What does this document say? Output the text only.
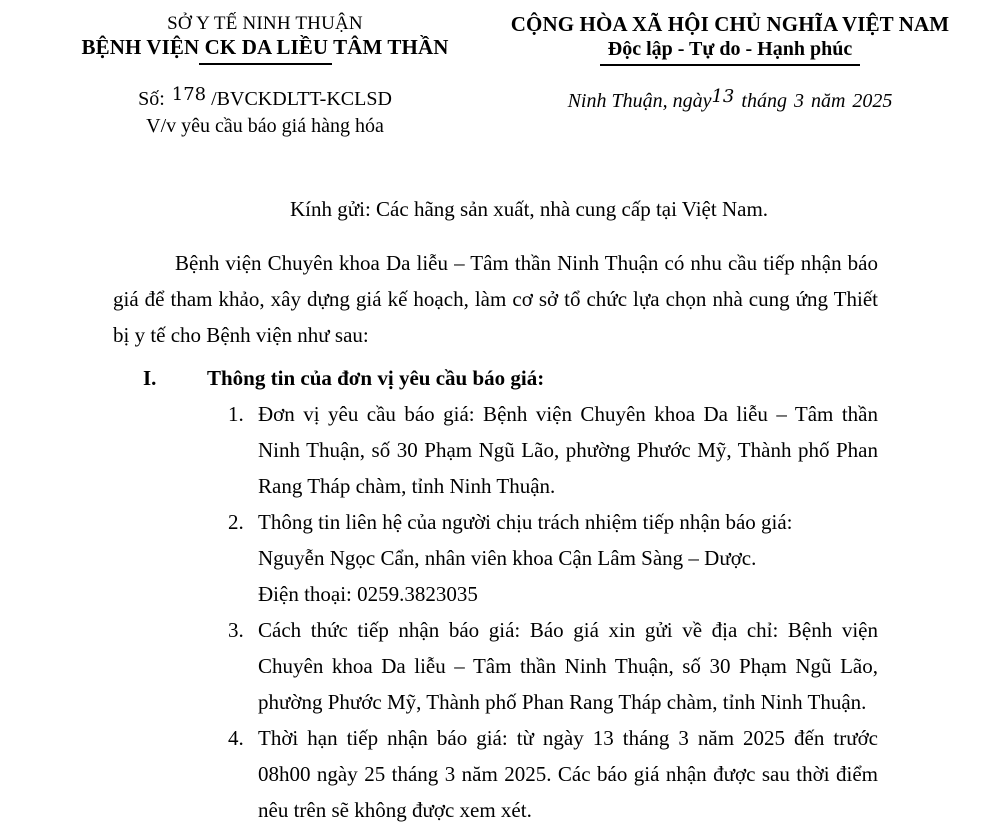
SỞ Y TẾ NINH THUẬN
BỆNH VIỆN CK DA LIỀU TÂM THẦN
CỘNG HÒA XÃ HỘI CHỦ NGHĨA VIỆT NAM
Độc lập - Tự do - Hạnh phúc
Số: 178 /BVCKDLTT-KCLSD
V/v yêu cầu báo giá hàng hóa
Ninh Thuận, ngày13 tháng 3 năm 2025

Kính gửi: Các hãng sản xuất, nhà cung cấp tại Việt Nam.

Bệnh viện Chuyên khoa Da liễu – Tâm thần Ninh Thuận có nhu cầu tiếp nhận báo giá để tham khảo, xây dựng giá kế hoạch, làm cơ sở tổ chức lựa chọn nhà cung ứng Thiết bị y tế cho Bệnh viện như sau:

I.	Thông tin của đơn vị yêu cầu báo giá:
1. Đơn vị yêu cầu báo giá: Bệnh viện Chuyên khoa Da liễu – Tâm thần Ninh Thuận, số 30 Phạm Ngũ Lão, phường Phước Mỹ, Thành phố Phan Rang Tháp chàm, tỉnh Ninh Thuận.
2. Thông tin liên hệ của người chịu trách nhiệm tiếp nhận báo giá:
Nguyễn Ngọc Cẩn, nhân viên khoa Cận Lâm Sàng – Dược.
Điện thoại: 0259.3823035
3. Cách thức tiếp nhận báo giá: Báo giá xin gửi về địa chỉ: Bệnh viện Chuyên khoa Da liễu – Tâm thần Ninh Thuận, số 30 Phạm Ngũ Lão, phường Phước Mỹ, Thành phố Phan Rang Tháp chàm, tỉnh Ninh Thuận.
4. Thời hạn tiếp nhận báo giá: từ ngày 13 tháng 3 năm 2025 đến trước 08h00 ngày 25 tháng 3 năm 2025. Các báo giá nhận được sau thời điểm nêu trên sẽ không được xem xét.
